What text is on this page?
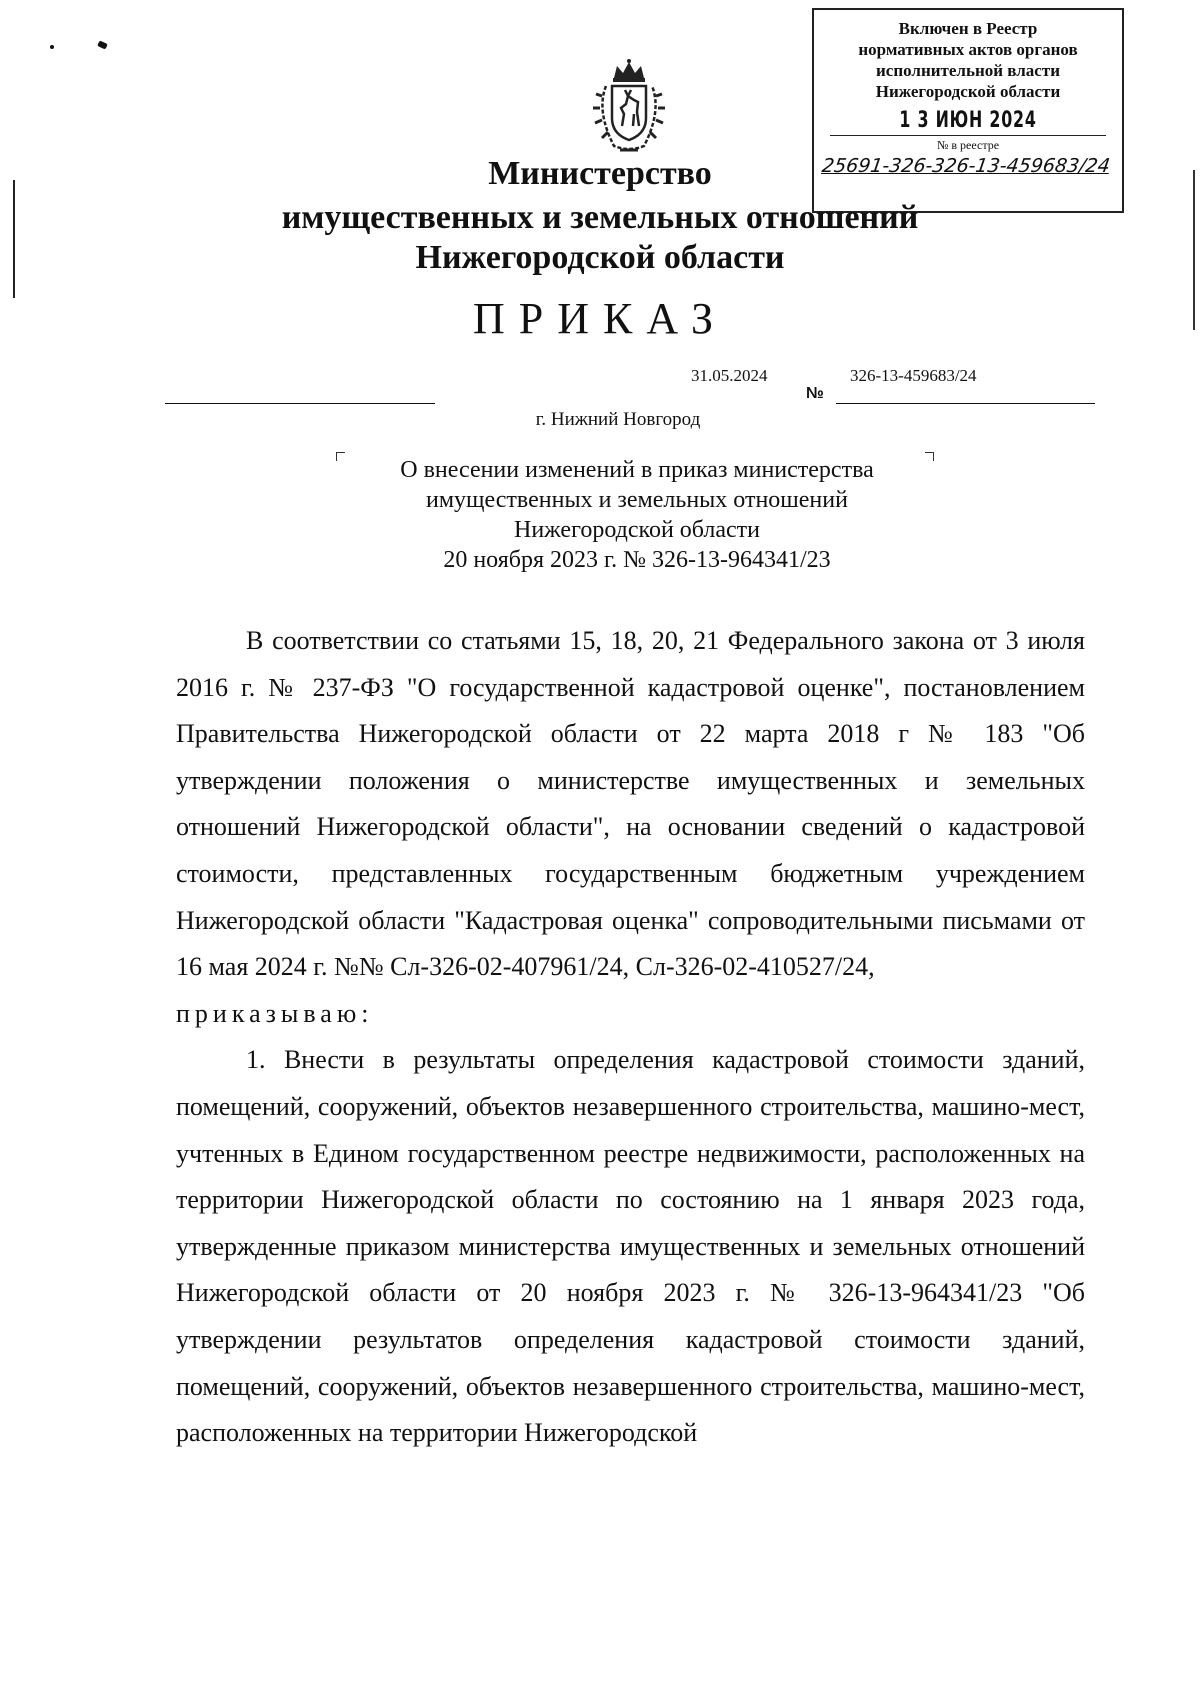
Включен в Реестр
нормативных актов органов
исполнительной власти
Нижегородской области
1 3 ИЮН 2024
№ в реестре
25691-326-326-13-459683/24
Министерство
имущественных и земельных отношений
Нижегородской области
ПРИКАЗ
31.05.2024	326-13-459683/24
№
г. Нижний Новгород
О внесении изменений в приказ министерства
имущественных и земельных отношений
Нижегородской области
20 ноября 2023 г. № 326-13-964341/23

В соответствии со статьями 15, 18, 20, 21 Федерального закона от 3 июля 2016 г. № 237-ФЗ "О государственной кадастровой оценке", постановлением Правительства Нижегородской области от 22 марта 2018 г № 183 "Об утверждении положения о министерстве имущественных и земельных отношений Нижегородской области", на основании сведений о кадастровой стоимости, представленных государственным бюджетным учреждением Нижегородской области "Кадастровая оценка" сопроводительными письмами от 16 мая 2024 г. №№ Сл-326-02-407961/24, Сл-326-02-410527/24,

приказываю:

1. Внести в результаты определения кадастровой стоимости зданий, помещений, сооружений, объектов незавершенного строительства, машино-мест, учтенных в Едином государственном реестре недвижимости, расположенных на территории Нижегородской области по состоянию на 1 января 2023 года, утвержденные приказом министерства имущественных и земельных отношений Нижегородской области от 20 ноября 2023 г. № 326-13-964341/23 "Об утверждении результатов определения кадастровой стоимости зданий, помещений, сооружений, объектов незавершенного строительства, машино-мест, расположенных на территории Нижегородской
